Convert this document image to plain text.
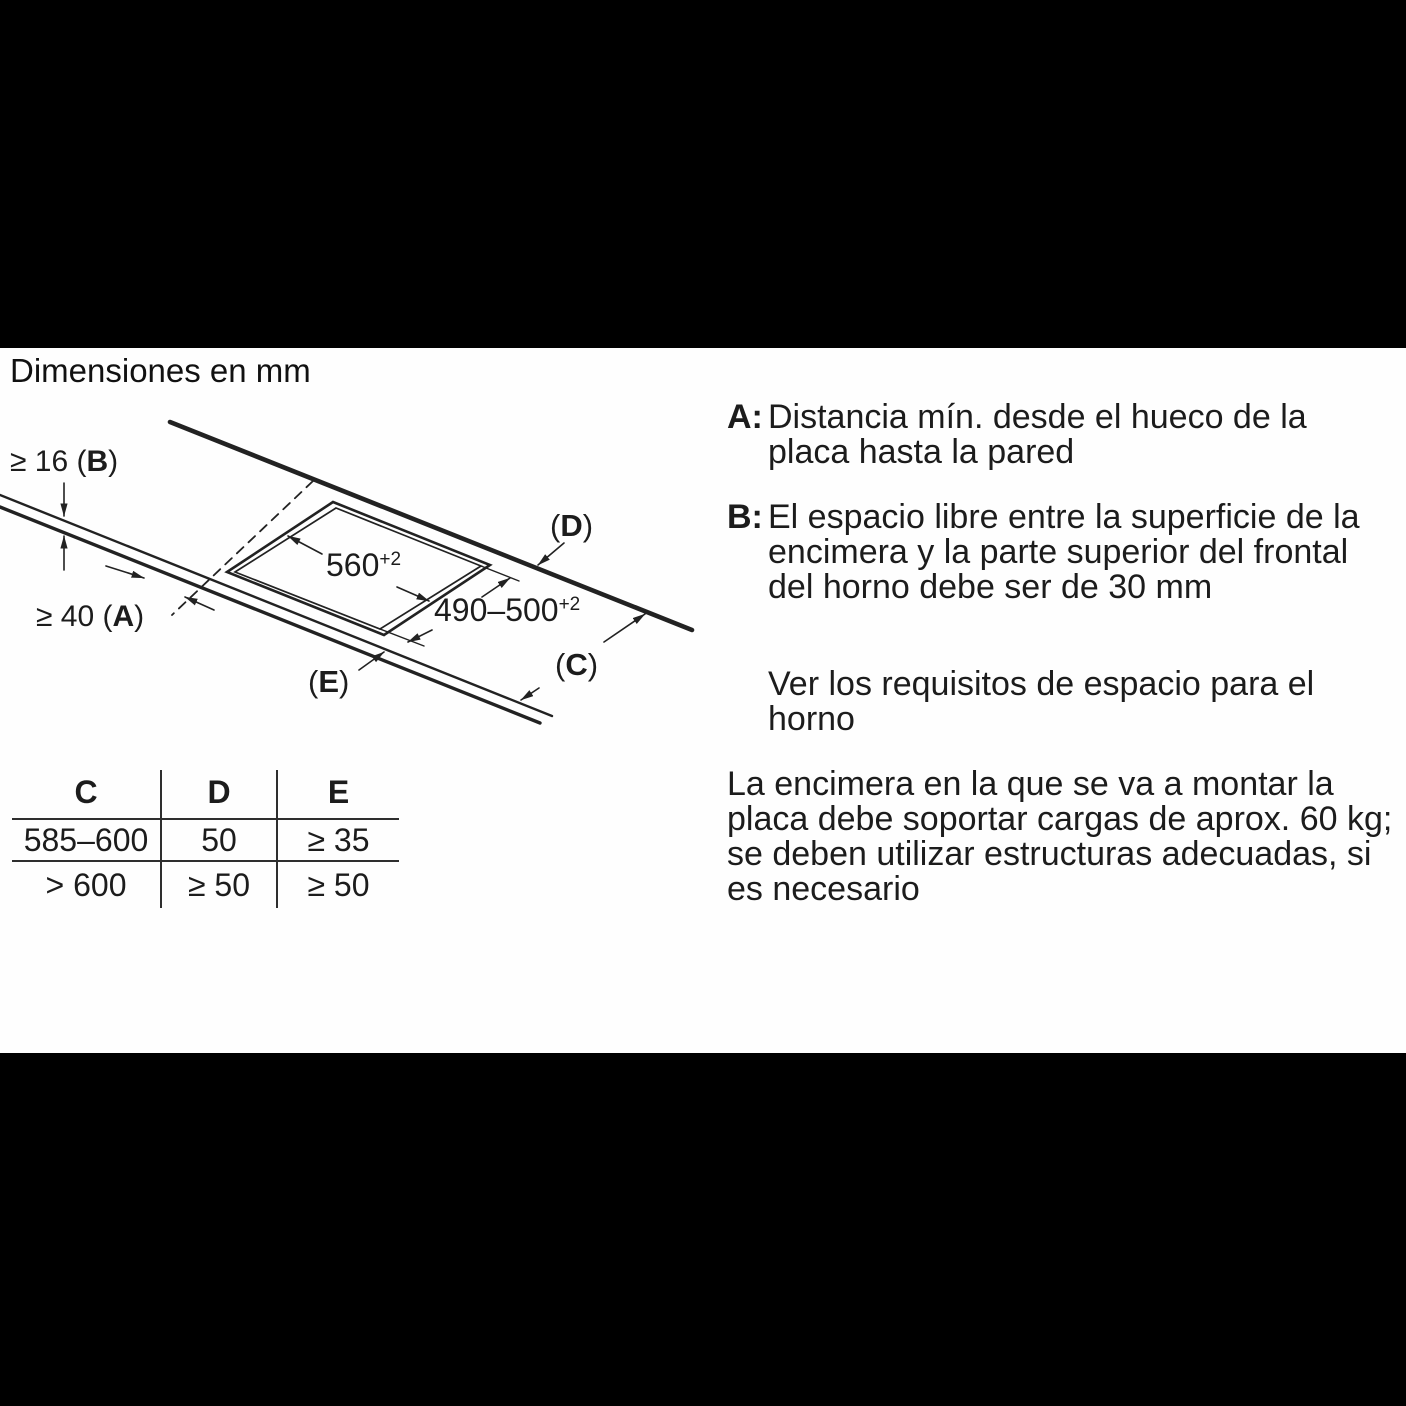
Dimensiones en mm
≥ 16 (B)
≥ 40 (A)
$560^{+2}$
$490-500^{+2}$
(D)
(C)
(E)
C	D	E
585–600	50	≥ 35
> 600	≥ 50	≥ 50
A: Distancia mín. desde el hueco de la
placa hasta la pared
B: El espacio libre entre la superficie de la
encimera y la parte superior del frontal
del horno debe ser de 30 mm
Ver los requisitos de espacio para el
horno
La encimera en la que se va a montar la
placa debe soportar cargas de aprox. 60 kg;
se deben utilizar estructuras adecuadas, si
es necesario
